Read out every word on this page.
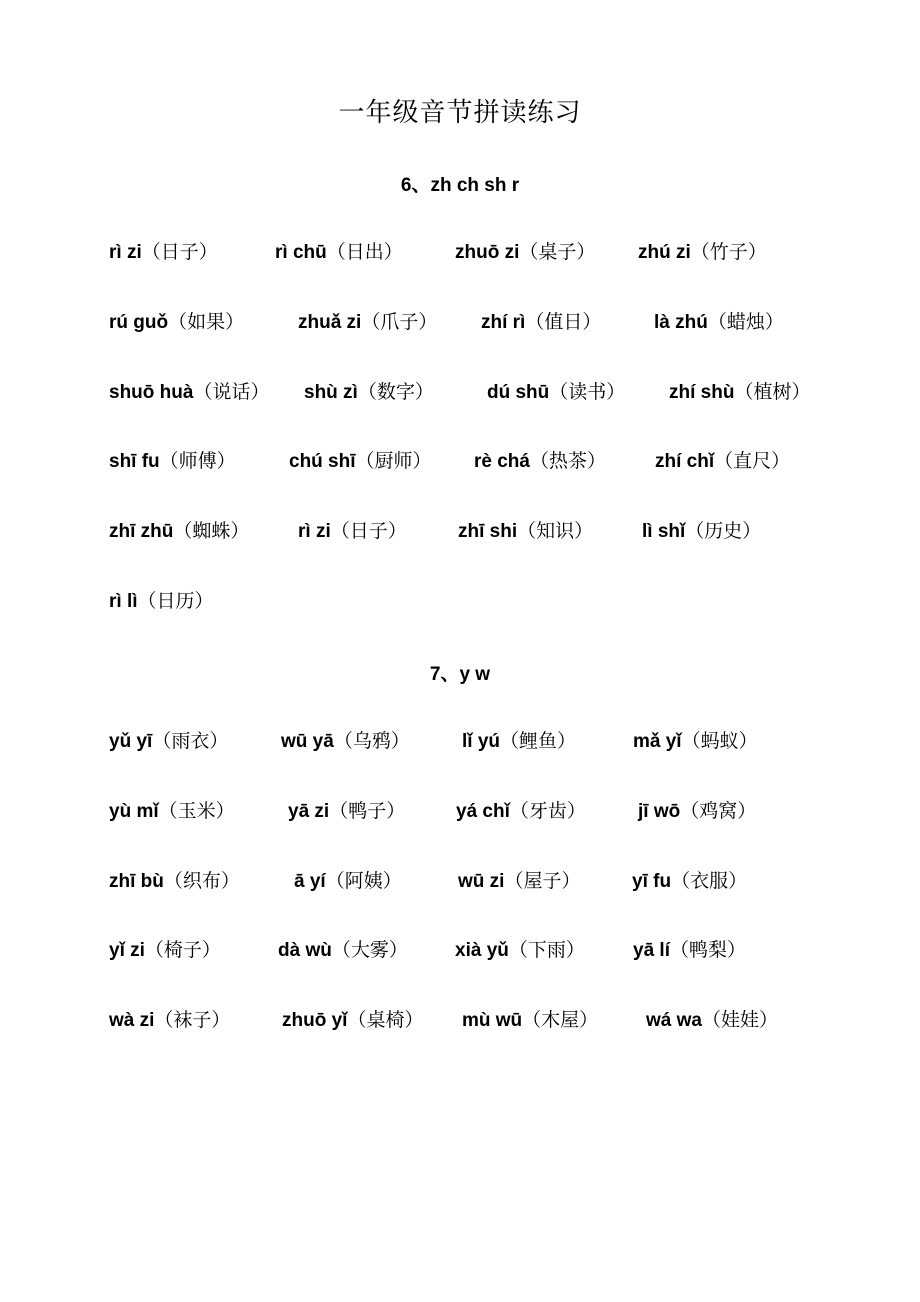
一年级音节拼读练习
6、zh ch sh r
rì zi（日子）	rì chū（日出）	zhuō zi（桌子） zhú zi（竹子）
rú guǒ（如果）	zhuǎ zi（爪子） zhí rì（值日）	là zhú（蜡烛）
shuō huà（说话） shù zì（数字）	dú shū（读书） zhí shù（植树）
shī fu（师傅）	chú shī（厨师） rè chá（热茶）	zhí chǐ（直尺）
zhī zhū（蜘蛛）	rì zi（日子）	zhī shi（知识）	lì shǐ（历史）
rì lì（日历）
7、y w
yǔ yī（雨衣）	wū yā（乌鸦）	lǐ yú（鲤鱼）	mǎ yǐ（蚂蚁）
yù mǐ（玉米）	yā zi（鸭子）	yá chǐ（牙齿）	jī wō（鸡窝）
zhī bù（织布）	ā yí（阿姨）	wū zi（屋子）	yī fu（衣服）
yǐ zi（椅子）	dà wù（大雾） xià yǔ（下雨）	yā lí（鸭梨）
wà zi（袜子）	zhuō yǐ（桌椅） mù wū（木屋）	wá wa（娃娃）
